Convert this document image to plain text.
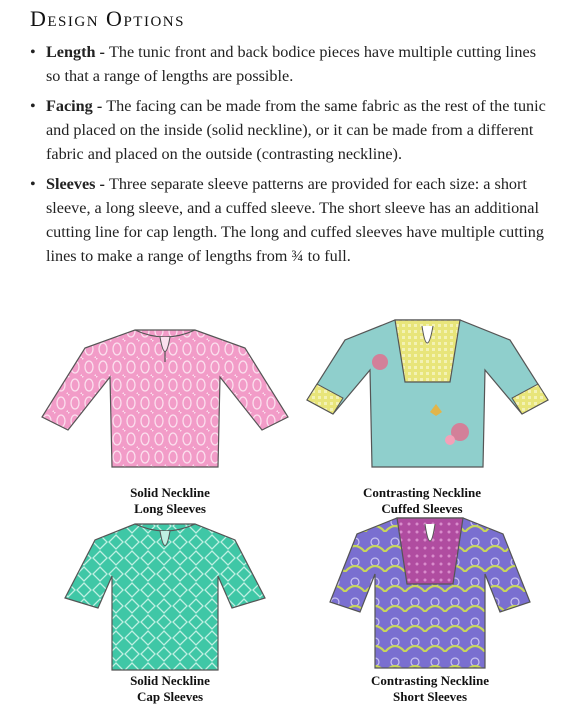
Design Options
• Length - The tunic front and back bodice pieces have multiple cutting lines so that a range of lengths are possible.
• Facing - The facing can be made from the same fabric as the rest of the tunic and placed on the inside (solid neckline), or it can be made from a different fabric and placed on the outside (contrasting neckline).
• Sleeves - Three separate sleeve patterns are provided for each size: a short sleeve, a long sleeve, and a cuffed sleeve. The short sleeve has an additional cutting line for cap length. The long and cuffed sleeves have multiple cutting lines to make a range of lengths from ¾ to full.
Solid Neckline
Long Sleeves
Contrasting Neckline
Cuffed Sleeves
Solid Neckline
Cap Sleeves
Contrasting Neckline
Short Sleeves
